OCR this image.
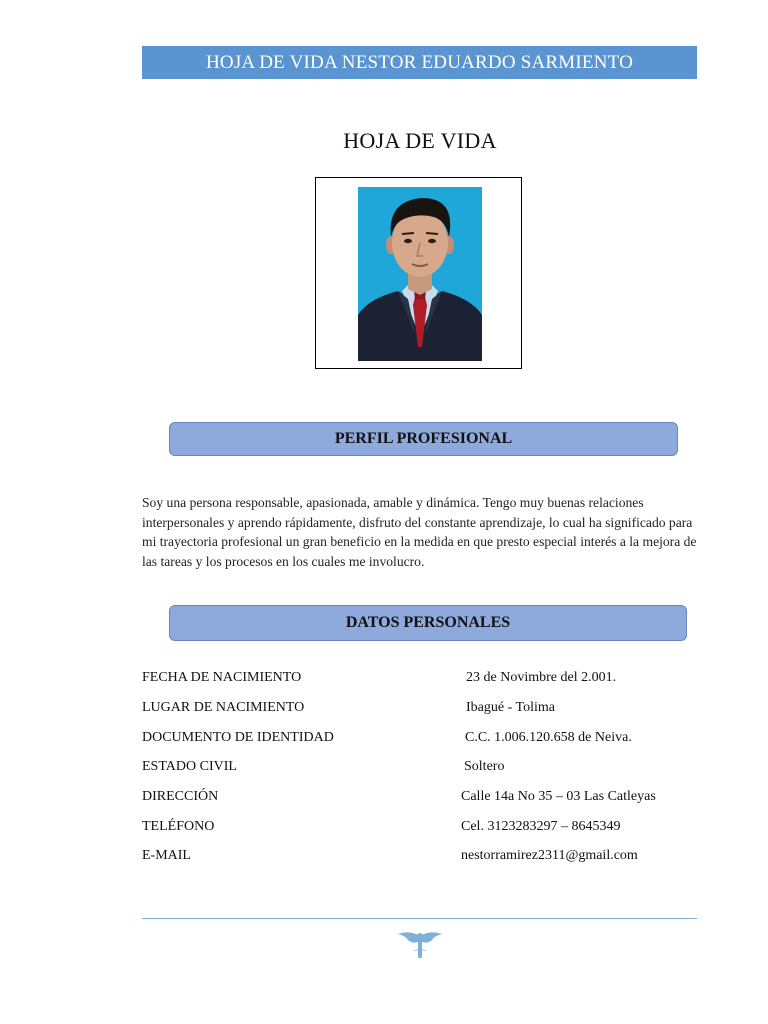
HOJA DE VIDA NESTOR EDUARDO SARMIENTO
HOJA DE VIDA
PERFIL PROFESIONAL
Soy una persona responsable, apasionada, amable y dinámica. Tengo muy buenas relaciones interpersonales y aprendo rápidamente, disfruto del constante aprendizaje, lo cual ha significado para mi trayectoria profesional un gran beneficio en la medida en que presto especial interés a la mejora de las tareas y los procesos en los cuales me involucro.
DATOS PERSONALES
FECHA DE NACIMIENTO	23 de Novimbre del 2.001.
LUGAR DE NACIMIENTO	Ibagué - Tolima
DOCUMENTO DE IDENTIDAD	C.C. 1.006.120.658 de Neiva.
ESTADO CIVIL	Soltero
DIRECCIÓN	Calle 14a No 35 – 03 Las Catleyas
TELÉFONO	Cel. 3123283297 – 8645349
E-MAIL	nestorramirez2311@gmail.com
